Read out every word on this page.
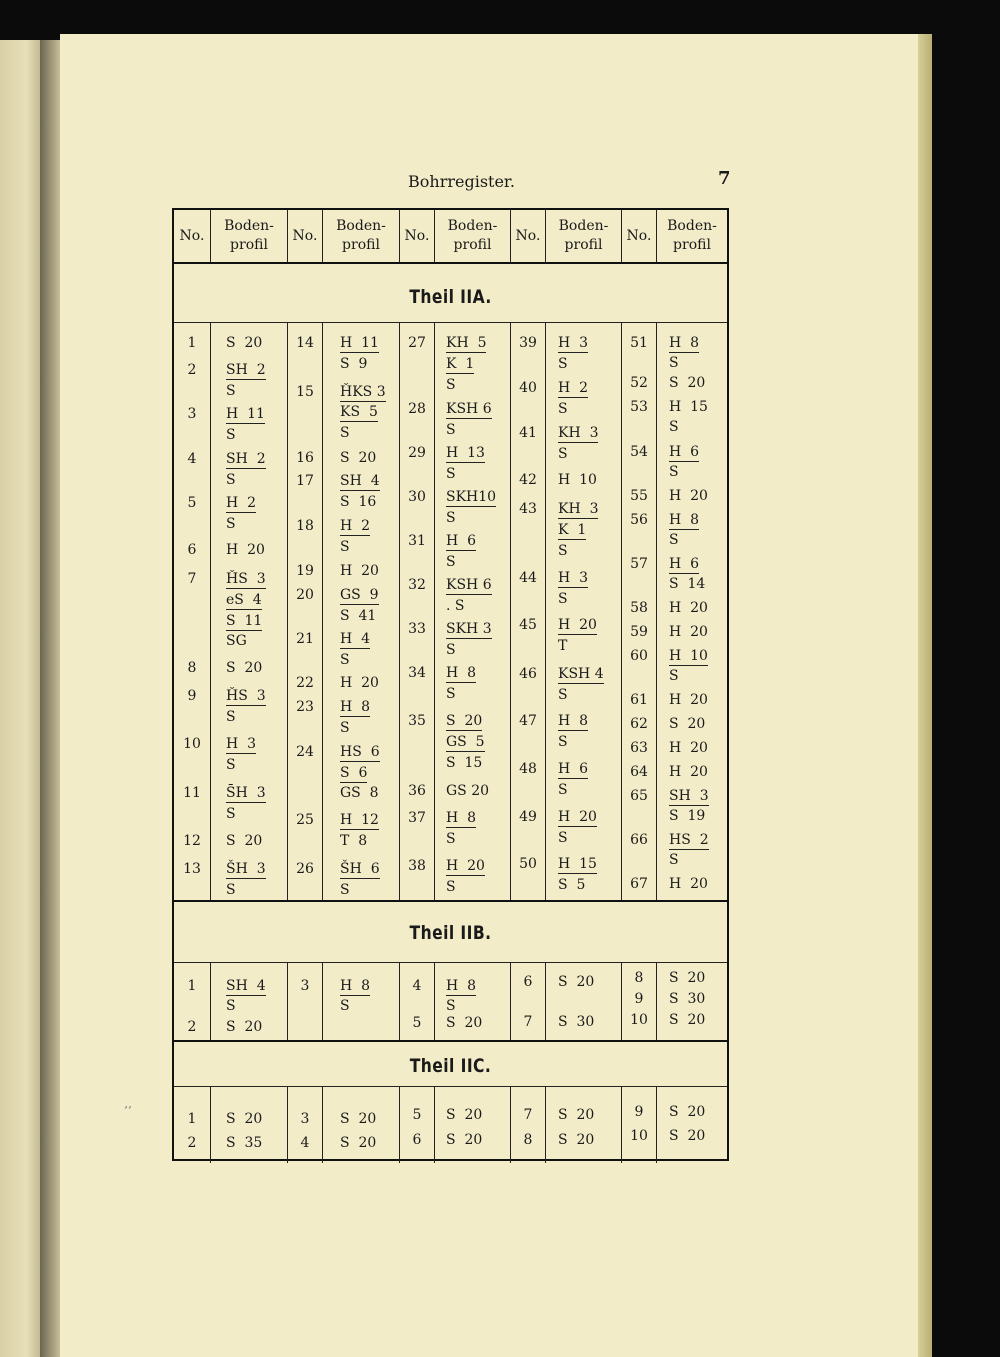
Bohrregister.	7
No.
Boden-
profil
No.
Boden-
profil
No.
Boden-
profil
No.
Boden-
profil
No.
Boden-
profil
Theil IIA.
Theil IIB.
Theil IIC.
1
2
3
4
5
6
7
8
9
10
11
12
13
S  20
SH  2
S
H  11
S
SH  2
S
H  2
S
H  20
ȞS  3
eS  4
S  11
SG
S  20
ȞS  3
S
H  3
S
S̄H  3
S
S  20
ŠH  3
S
14
15
16
17
18
19
20
21
22
23
24
25
26
H  11
S  9
ȞKS 3
KS  5
S
S  20
SH  4
S  16
H  2
S
H  20
GS  9
S  41
H  4
S
H  20
H  8
S
HS  6
S  6
GS  8
H  12
T  8
ŠH  6
S
27
28
29
30
31
32
33
34
35
36
37
38
KH  5
K  1
S
KSH 6
S
H  13
S
SKH10
S
H  6
S
KSH 6
. S
SKH 3
S
H  8
S
S  20
GS  5
S  15
GS 20
H  8
S
H  20
S
39
40
41
42
43
44
45
46
47
48
49
50
H  3
S
H  2
S
KH  3
S
H  10
KH  3
K  1
S
H  3
S
H  20
T
KSH 4
S
H  8
S
H  6
S
H  20
S
H  15
S  5
51
52
53
54
55
56
57
58
59
60
61
62
63
64
65
66
67
H  8
S
S  20
H  15
S
H  6
S
H  20
H  8
S
H  6
S  14
H  20
H  20
H  10
S
H  20
S  20
H  20
H  20
SH  3
S  19
HS  2
S
H  20
1
2
SH  4
S
S  20
3	H  8
S
4
5
H  8
S
S  20
6
7
S  20
S  30
8
9
10
S  20
S  30
S  20
1
2
S  20
S  35
3
4
S  20
S  20
5
6
S  20
S  20
7
8
S  20
S  20
9
10
S  20
S  20
’’
